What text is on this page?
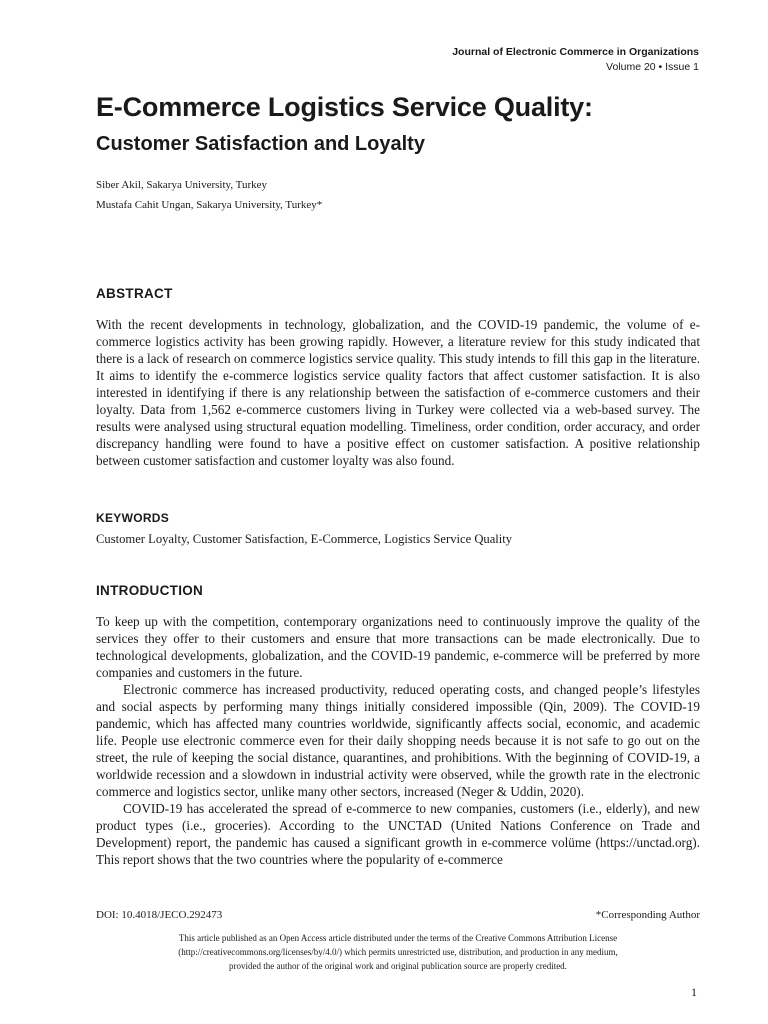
Journal of Electronic Commerce in Organizations
Volume 20 • Issue 1
E-Commerce Logistics Service Quality:
Customer Satisfaction and Loyalty
Siber Akil, Sakarya University, Turkey
Mustafa Cahit Ungan, Sakarya University, Turkey*
ABSTRACT

With the recent developments in technology, globalization, and the COVID-19 pandemic, the volume of e-commerce logistics activity has been growing rapidly. However, a literature review for this study indicated that there is a lack of research on commerce logistics service quality. This study intends to fill this gap in the literature. It aims to identify the e-commerce logistics service quality factors that affect customer satisfaction. It is also interested in identifying if there is any relationship between the satisfaction of e-commerce customers and their loyalty. Data from 1,562 e-commerce customers living in Turkey were collected via a web-based survey. The results were analysed using structural equation modelling. Timeliness, order condition, order accuracy, and order discrepancy handling were found to have a positive effect on customer satisfaction. A positive relationship between customer satisfaction and customer loyalty was also found.

KEYWORDS

Customer Loyalty, Customer Satisfaction, E-Commerce, Logistics Service Quality

INTRODUCTION

To keep up with the competition, contemporary organizations need to continuously improve the quality of the services they offer to their customers and ensure that more transactions can be made electronically. Due to technological developments, globalization, and the COVID-19 pandemic, e-commerce will be preferred by more companies and customers in the future.

Electronic commerce has increased productivity, reduced operating costs, and changed people’s lifestyles and social aspects by performing many things initially considered impossible (Qin, 2009). The COVID-19 pandemic, which has affected many countries worldwide, significantly affects social, economic, and academic life. People use electronic commerce even for their daily shopping needs because it is not safe to go out on the street, the rule of keeping the social distance, quarantines, and prohibitions. With the beginning of COVID-19, a worldwide recession and a slowdown in industrial activity were observed, while the growth rate in the electronic commerce and logistics sector, unlike many other sectors, increased (Neger & Uddin, 2020).

COVID-19 has accelerated the spread of e-commerce to new companies, customers (i.e., elderly), and new product types (i.e., groceries). According to the UNCTAD (United Nations Conference on Trade and Development) report, the pandemic has caused a significant growth in e-commerce volüme (https://unctad.org). This report shows that the two countries where the popularity of e-commerce

DOI: 10.4018/JECO.292473	*Corresponding Author
This article published as an Open Access article distributed under the terms of the Creative Commons Attribution License
(http://creativecommons.org/licenses/by/4.0/) which permits unrestricted use, distribution, and production in any medium,
provided the author of the original work and original publication source are properly credited.
1
